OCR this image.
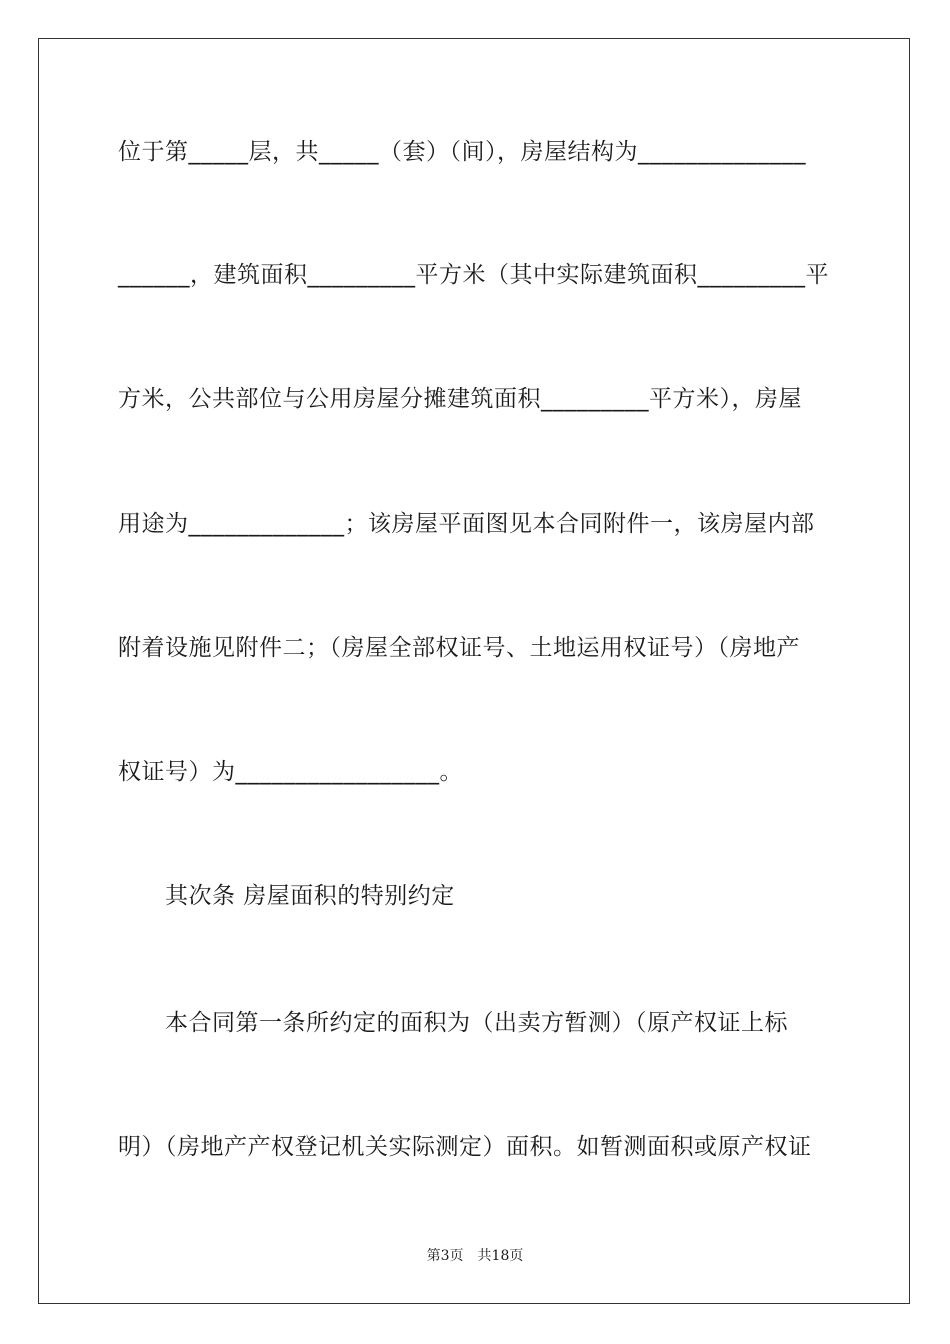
位于第_____层，共_____（套）（间），房屋结构为______________
______，建筑面积_________平方米（其中实际建筑面积_________平
方米，公共部位与公用房屋分摊建筑面积_________平方米），房屋
用途为_____________；该房屋平面图见本合同附件一，该房屋内部
附着设施见附件二；（房屋全部权证号、土地运用权证号）（房地产
权证号）为_________________。
其次条 房屋面积的特别约定
本合同第一条所约定的面积为（出卖方暂测）（原产权证上标
明）（房地产产权登记机关实际测定）面积。如暂测面积或原产权证
第3页　共18页
